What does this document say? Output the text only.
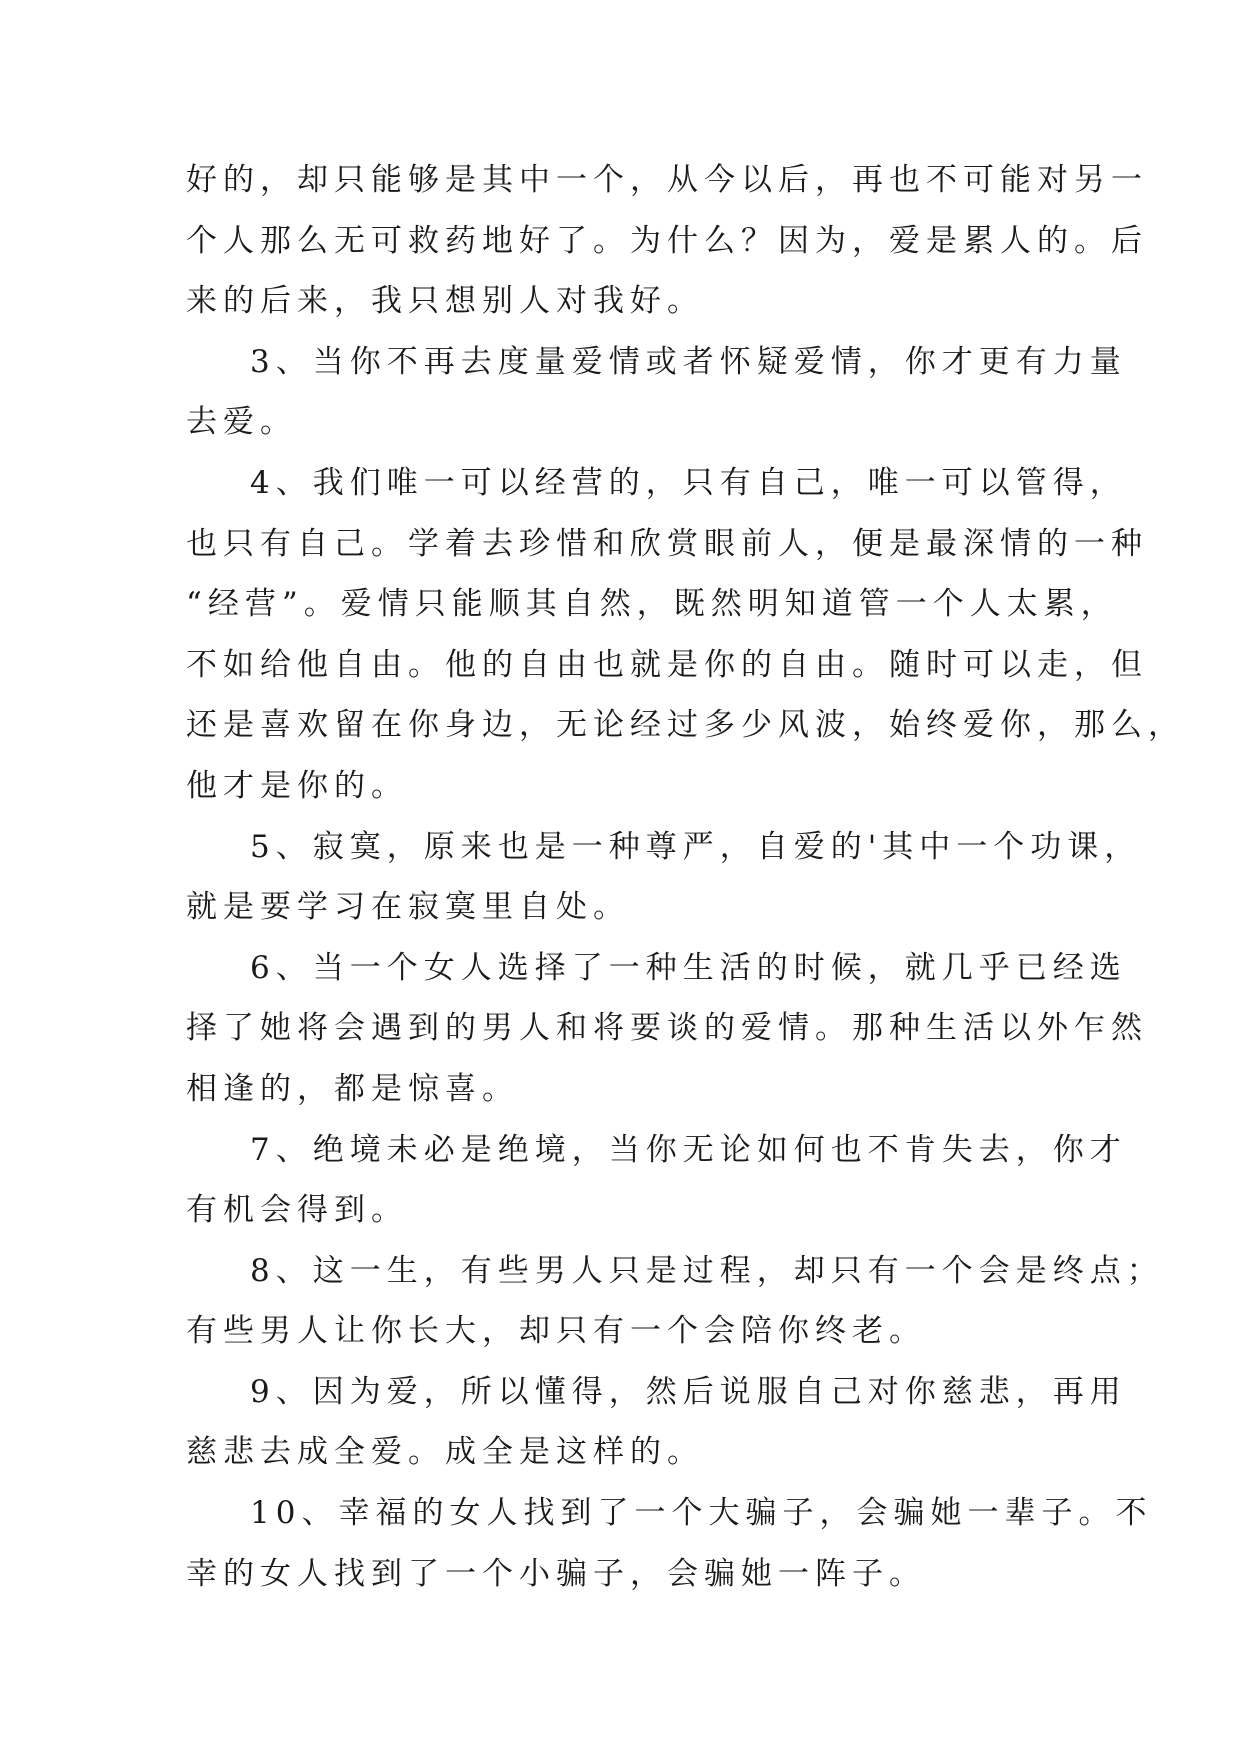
好的，却只能够是其中一个，从今以后，再也不可能对另一
个人那么无可救药地好了。为什么？因为，爱是累人的。后
来的后来，我只想别人对我好。
3、当你不再去度量爱情或者怀疑爱情，你才更有力量
去爱。
4、我们唯一可以经营的，只有自己，唯一可以管得，
也只有自己。学着去珍惜和欣赏眼前人，便是最深情的一种
“经营”。爱情只能顺其自然，既然明知道管一个人太累，
不如给他自由。他的自由也就是你的自由。随时可以走，但
还是喜欢留在你身边，无论经过多少风波，始终爱你，那么，
他才是你的。
5、寂寞，原来也是一种尊严，自爱的'其中一个功课，
就是要学习在寂寞里自处。
6、当一个女人选择了一种生活的时候，就几乎已经选
择了她将会遇到的男人和将要谈的爱情。那种生活以外乍然
相逢的，都是惊喜。
7、绝境未必是绝境，当你无论如何也不肯失去，你才
有机会得到。
8、这一生，有些男人只是过程，却只有一个会是终点；
有些男人让你长大，却只有一个会陪你终老。
9、因为爱，所以懂得，然后说服自己对你慈悲，再用
慈悲去成全爱。成全是这样的。
10、幸福的女人找到了一个大骗子，会骗她一辈子。不
幸的女人找到了一个小骗子，会骗她一阵子。
